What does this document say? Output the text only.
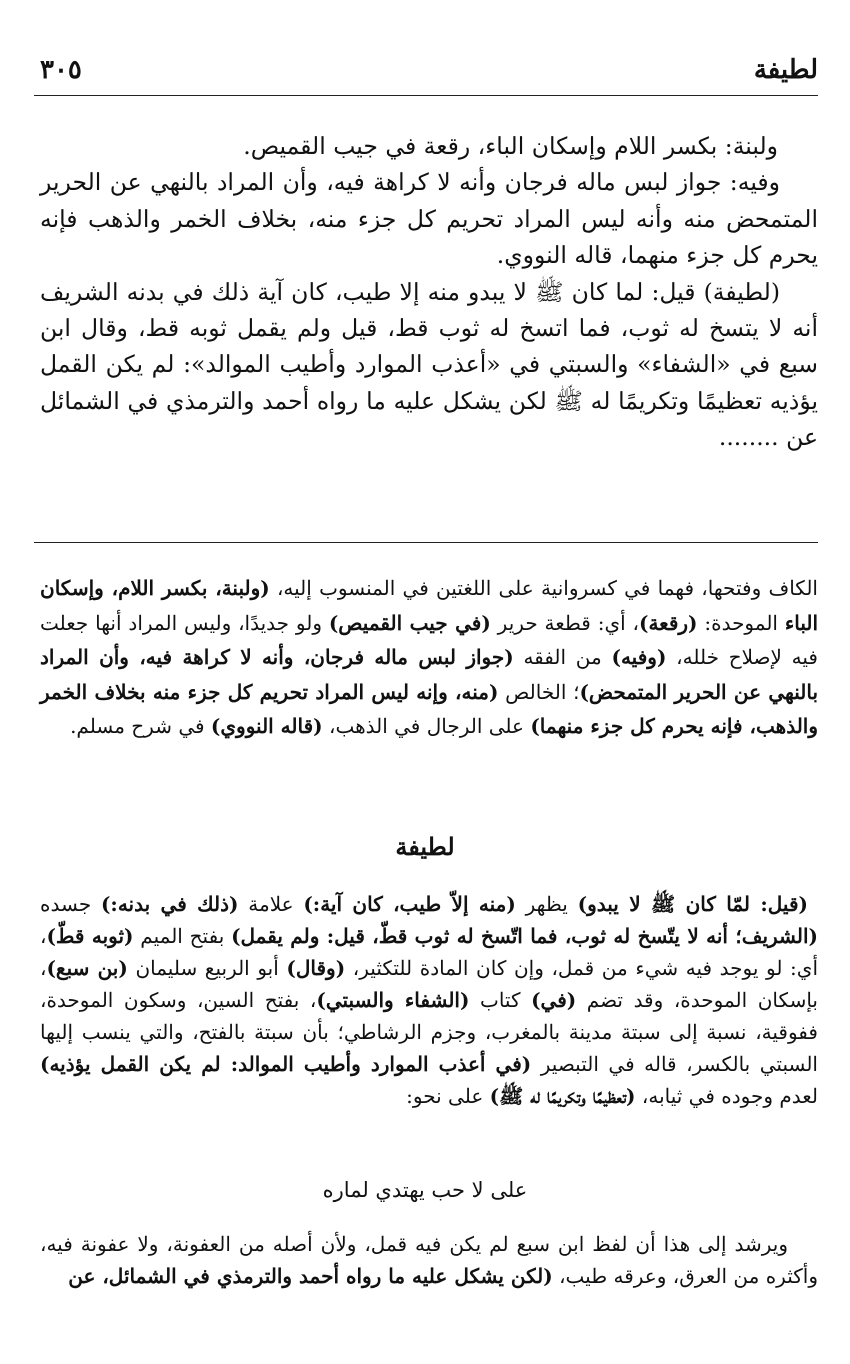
٣٠٥	لطيفة

ولبنة: بكسر اللام وإسكان الباء، رقعة في جيب القميص.

وفيه: جواز لبس ماله فرجان وأنه لا كراهة فيه، وأن المراد بالنهي عن الحرير المتمحض منه وأنه ليس المراد تحريم كل جزء منه، بخلاف الخمر والذهب فإنه يحرم كل جزء منهما، قاله النووي.

(لطيفة) قيل: لما كان ﷺ لا يبدو منه إلا طيب، كان آية ذلك في بدنه الشريف أنه لا يتسخ له ثوب، فما اتسخ له ثوب قط، قيل ولم يقمل ثوبه قط، وقال ابن سبع في «الشفاء» والسبتي في «أعذب الموارد وأطيب الموالد»: لم يكن القمل يؤذيه تعظيمًا وتكريمًا له ﷺ لكن يشكل عليه ما رواه أحمد والترمذي في الشمائل عن ........

الكاف وفتحها، فهما في كسروانية على اللغتين في المنسوب إليه، (ولبنة، بكسر اللام، وإسكان الباء الموحدة: (رقعة)، أي: قطعة حرير (في جيب القميص) ولو جديدًا، وليس المراد أنها جعلت فيه لإصلاح خلله، (وفيه) من الفقه (جواز لبس ماله فرجان، وأنه لا كراهة فيه، وأن المراد بالنهي عن الحرير المتمحض)؛ الخالص (منه، وإنه ليس المراد تحريم كل جزء منه بخلاف الخمر والذهب، فإنه يحرم كل جزء منهما) على الرجال في الذهب، (قاله النووي) في شرح مسلم.

لطيفة

(قيل: لمّا كان ﷺ لا يبدو) يظهر (منه إلاّ طيب، كان آية:) علامة (ذلك في بدنه:) جسده (الشريف؛ أنه لا يتّسخ له ثوب، فما اتّسخ له ثوب قطّ، قيل: ولم يقمل) بفتح الميم (ثوبه قطّ)، أي: لو يوجد فيه شيء من قمل، وإن كان المادة للتكثير، (وقال) أبو الربيع سليمان (بن سبع)، بإسكان الموحدة، وقد تضم (في) كتاب (الشفاء والسبتي)، بفتح السين، وسكون الموحدة، ففوقية، نسبة إلى سبتة مدينة بالمغرب، وجزم الرشاطي؛ بأن سبتة بالفتح، والتي ينسب إليها السبتي بالكسر، قاله في التبصير (في أعذب الموارد وأطيب الموالد: لم يكن القمل يؤذيه) لعدم وجوده في ثيابه، (تعظيمًا وتكريمًا له ﷺ) على نحو:

على لا حب يهتدي لماره

ويرشد إلى هذا أن لفظ ابن سبع لم يكن فيه قمل، ولأن أصله من العفونة، ولا عفونة فيه، وأكثره من العرق، وعرقه طيب، (لكن يشكل عليه ما رواه أحمد والترمذي في الشمائل، عن
